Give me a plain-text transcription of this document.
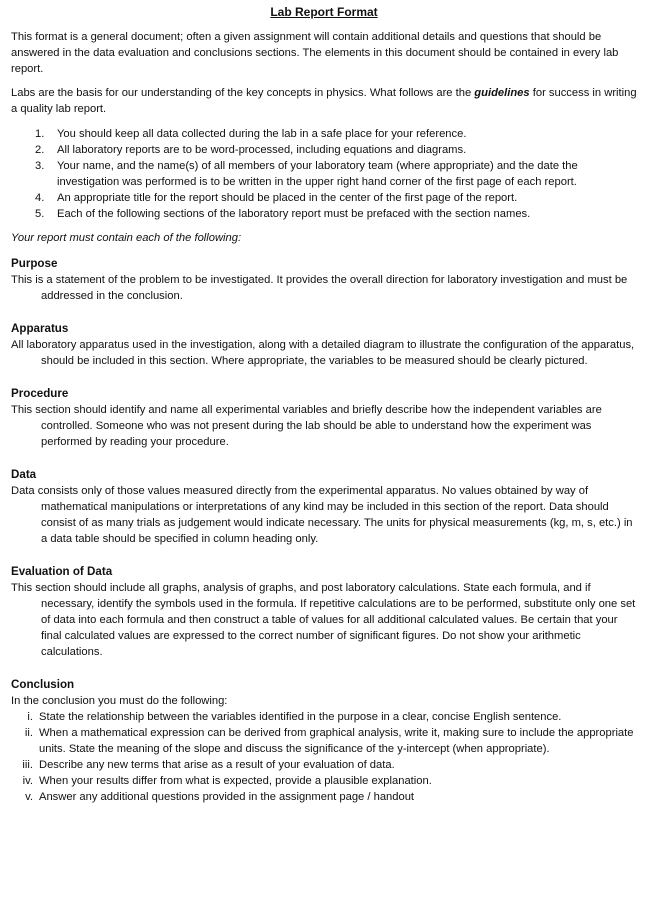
Lab Report Format

This format is a general document; often a given assignment will contain additional details and questions that should be answered in the data evaluation and conclusions sections. The elements in this document should be contained in every lab report.

Labs are the basis for our understanding of the key concepts in physics. What follows are the guidelines for success in writing a quality lab report.

1.	You should keep all data collected during the lab in a safe place for your reference.
2.	All laboratory reports are to be word-processed, including equations and diagrams.
3.	Your name, and the name(s) of all members of your laboratory team (where appropriate) and the date the investigation was performed is to be written in the upper right hand corner of the first page of each report.
4.	An appropriate title for the report should be placed in the center of the first page of the report.
5.	Each of the following sections of the laboratory report must be prefaced with the section names.

Your report must contain each of the following:

Purpose

This is a statement of the problem to be investigated. It provides the overall direction for laboratory investigation and must be addressed in the conclusion.

Apparatus

All laboratory apparatus used in the investigation, along with a detailed diagram to illustrate the configuration of the apparatus, should be included in this section. Where appropriate, the variables to be measured should be clearly pictured.

Procedure

This section should identify and name all experimental variables and briefly describe how the independent variables are controlled. Someone who was not present during the lab should be able to understand how the experiment was performed by reading your procedure.

Data

Data consists only of those values measured directly from the experimental apparatus. No values obtained by way of mathematical manipulations or interpretations of any kind may be included in this section of the report. Data should consist of as many trials as judgement would indicate necessary. The units for physical measurements (kg, m, s, etc.) in a data table should be specified in column heading only.

Evaluation of Data

This section should include all graphs, analysis of graphs, and post laboratory calculations. State each formula, and if necessary, identify the symbols used in the formula. If repetitive calculations are to be performed, substitute only one set of data into each formula and then construct a table of values for all additional calculated values. Be certain that your final calculated values are expressed to the correct number of significant figures. Do not show your arithmetic calculations.

Conclusion

In the conclusion you must do the following:

i. State the relationship between the variables identified in the purpose in a clear, concise English sentence.
ii. When a mathematical expression can be derived from graphical analysis, write it, making sure to include the appropriate units. State the meaning of the slope and discuss the significance of the y-intercept (when appropriate).
iii. Describe any new terms that arise as a result of your evaluation of data.
iv. When your results differ from what is expected, provide a plausible explanation.
v. Answer any additional questions provided in the assignment page / handout
